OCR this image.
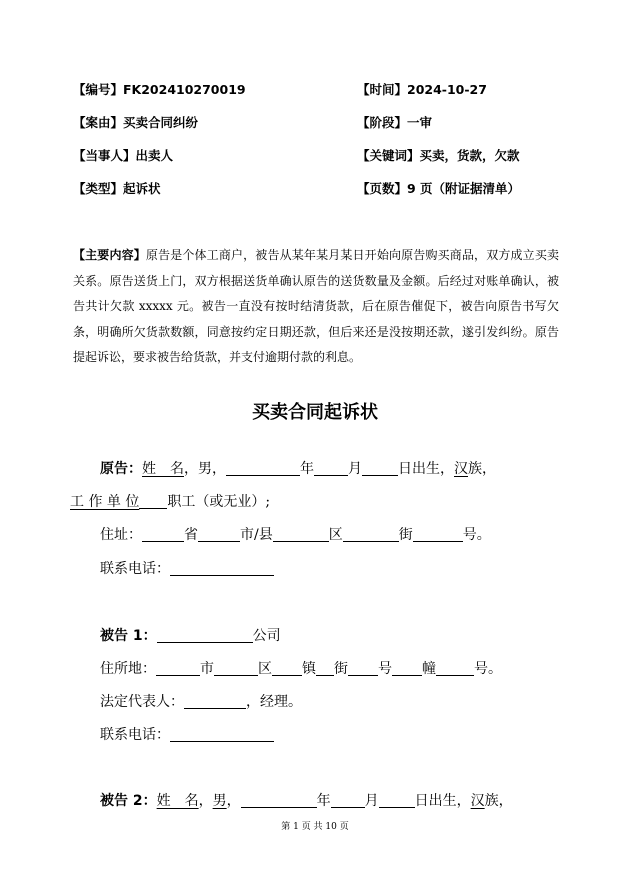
【编号】FK202410270019	【时间】2024-10-27
【案由】买卖合同纠纷	【阶段】一审
【当事人】出卖人	【关键词】买卖，货款，欠款
【类型】起诉状	【页数】9 页（附证据清单）
【主要内容】原告是个体工商户，被告从某年某月某日开始向原告购买商品，双方成立买卖关系。原告送货上门，双方根据送货单确认原告的送货数量及金额。后经过对账单确认，被告共计欠款 xxxxx 元。被告一直没有按时结清货款，后在原告催促下，被告向原告书写欠条，明确所欠货款数额，同意按约定日期还款，但后来还是没按期还款，遂引发纠纷。原告提起诉讼，要求被告给货款，并支付逾期付款的利息。
买卖合同起诉状
原告：姓　名，男，	年 月	日出生，汉族，
工 作 单 位 职工（或无业）;
住址：	省	市/县	区	街	号。
联系电话：
被告 1：	公司
住所地：	市	区 镇 街 号 幢	号。
法定代表人：	，经理。
联系电话：
被告 2：姓　名，男，	年 月	日出生，汉族，
第 1 页 共 10 页
